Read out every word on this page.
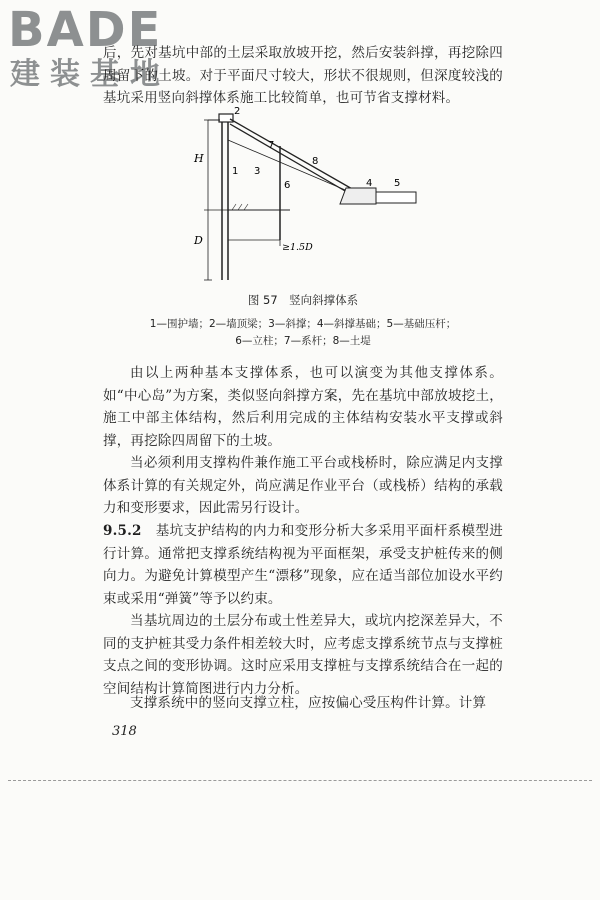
BADE
建装基地

后，先对基坑中部的土层采取放坡开挖，然后安装斜撑，再挖除四周留下的土坡。对于平面尺寸较大，形状不很规则，但深度较浅的基坑采用竖向斜撑体系施工比较简单，也可节省支撑材料。

H
D
≥1.5D
2
1 3
7
6
8
4 5
图 57　竖向斜撑体系
1—围护墙；2—墙顶梁；3—斜撑；4—斜撑基础；5—基础压杆；
6—立柱；7—系杆；8—土堤

由以上两种基本支撑体系，也可以演变为其他支撑体系。如“中心岛”为方案，类似竖向斜撑方案，先在基坑中部放坡挖土，施工中部主体结构，然后利用完成的主体结构安装水平支撑或斜撑，再挖除四周留下的土坡。

当必须利用支撑构件兼作施工平台或栈桥时，除应满足内支撑体系计算的有关规定外，尚应满足作业平台（或栈桥）结构的承载力和变形要求，因此需另行设计。

9.5.2　 基坑支护结构的内力和变形分析大多采用平面杆系模型进行计算。通常把支撑系统结构视为平面框架，承受支护桩传来的侧向力。为避免计算模型产生“漂移”现象，应在适当部位加设水平约束或采用“弹簧”等予以约束。

当基坑周边的土层分布或土性差异大，或坑内挖深差异大，不同的支护桩其受力条件相差较大时，应考虑支撑系统节点与支撑桩支点之间的变形协调。这时应采用支撑桩与支撑系统结合在一起的空间结构计算简图进行内力分析。

支撑系统中的竖向支撑立柱，应按偏心受压构件计算。计算

318
